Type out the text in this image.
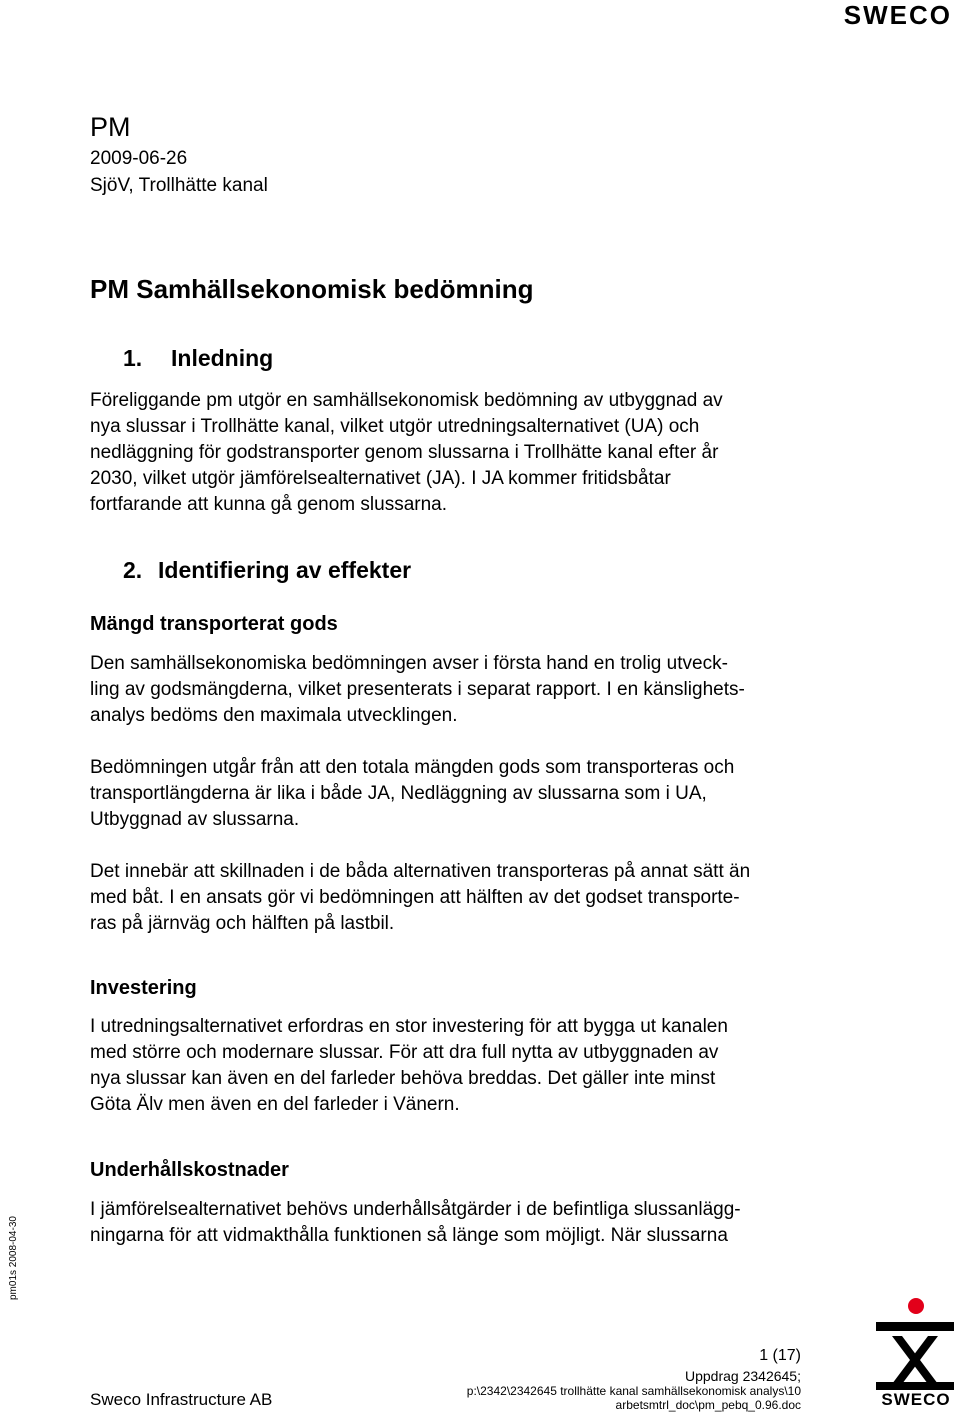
SWECO
PM
2009-06-26
SjöV, Trollhätte kanal
PM Samhällsekonomisk bedömning
1. Inledning
Föreliggande pm utgör en samhällsekonomisk bedömning av utbyggnad av
nya slussar i Trollhätte kanal, vilket utgör utredningsalternativet (UA) och
nedläggning för godstransporter genom slussarna i Trollhätte kanal efter år
2030, vilket utgör jämförelsealternativet (JA). I JA kommer fritidsbåtar
fortfarande att kunna gå genom slussarna.
2. Identifiering av effekter
Mängd transporterat gods
Den samhällsekonomiska bedömningen avser i första hand en trolig utveck-
ling av godsmängderna, vilket presenterats i separat rapport. I en känslighets-
analys bedöms den maximala utvecklingen.
Bedömningen utgår från att den totala mängden gods som transporteras och
transportlängderna är lika i både JA, Nedläggning av slussarna som i UA,
Utbyggnad av slussarna.
Det innebär att skillnaden i de båda alternativen transporteras på annat sätt än
med båt. I en ansats gör vi bedömningen att hälften av det godset transporte-
ras på järnväg och hälften på lastbil.
Investering
I utredningsalternativet erfordras en stor investering för att bygga ut kanalen
med större och modernare slussar. För att dra full nytta av utbyggnaden av
nya slussar kan även en del farleder behöva breddas. Det gäller inte minst
Göta Älv men även en del farleder i Vänern.
Underhållskostnader
I jämförelsealternativet behövs underhållsåtgärder i de befintliga slussanlägg-
ningarna för att vidmakthålla funktionen så länge som möjligt. När slussarna
pm01s 2008-04-30
1 (17)
Uppdrag 2342645;
p:\2342\2342645 trollhätte kanal samhällsekonomisk analys\10
arbetsmtrl_doc\pm_pebq_0.96.doc
Sweco Infrastructure AB	SWECO
